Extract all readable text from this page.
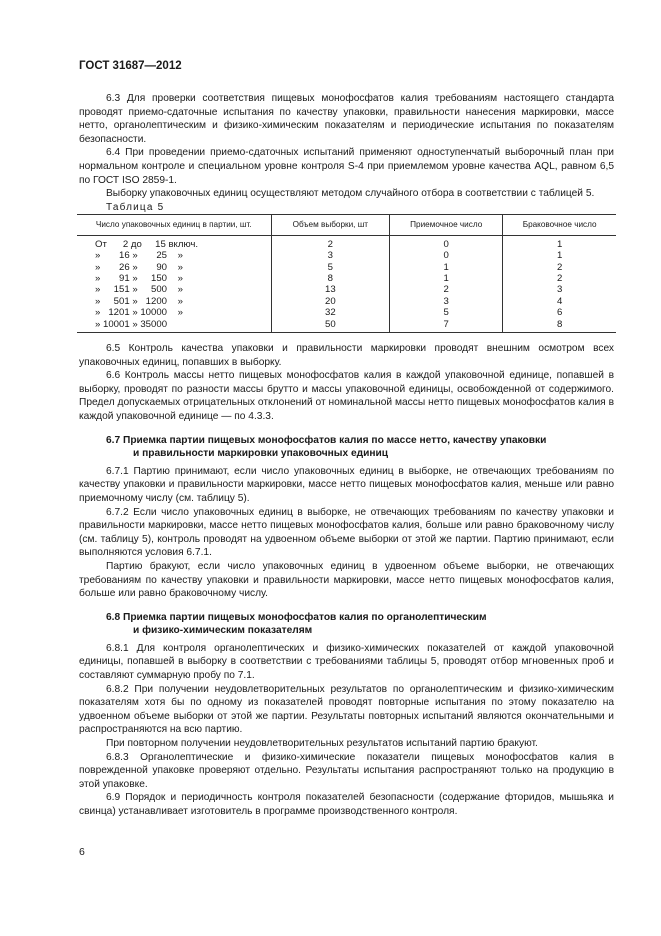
ГОСТ 31687—2012

6.3 Для проверки соответствия пищевых монофосфатов калия требованиям настоящего стандарта проводят приемо-сдаточные испытания по качеству упаковки, правильности нанесения маркировки, массе нетто, органолептическим и физико-химическим показателям и периодические испытания по показателям безопасности.

6.4 При проведении приемо-сдаточных испытаний применяют одноступенчатый выборочный план при нормальном контроле и специальном уровне контроля S-4 при приемлемом уровне качества AQL, равном 6,5 по ГОСТ ISO 2859-1.

Выборку упаковочных единиц осуществляют методом случайного отбора в соответствии с таблицей 5.

Таблица 5

Число упаковочных единиц в партии, шт.	Объем выборки, шт	Приемочное число	Браковочное число
От      2 до     15 включ.	2	0	1
»       16 »       25    »	3	0	1
»       26 »       90    »	5	1	2
»       91 »     150    »	8	1	2
»     151 »     500    »	13	2	3
»     501 »   1200    »	20	3	4
»   1201 » 10000    »	32	5	6
» 10001 » 35000	50	7	8

6.5 Контроль качества упаковки и правильности маркировки проводят внешним осмотром всех упаковочных единиц, попавших в выборку.

6.6 Контроль массы нетто пищевых монофосфатов калия в каждой упаковочной единице, попавшей в выборку, проводят по разности массы брутто и массы упаковочной единицы, освобожденной от содержимого. Предел допускаемых отрицательных отклонений от номинальной массы нетто пищевых монофосфатов калия в каждой упаковочной единице — по 4.3.3.

6.7 Приемка партии пищевых монофосфатов калия по массе нетто, качеству упаковки
и правильности маркировки упаковочных единиц

6.7.1 Партию принимают, если число упаковочных единиц в выборке, не отвечающих требованиям по качеству упаковки и правильности маркировки, массе нетто пищевых монофосфатов калия, меньше или равно приемочному числу (см. таблицу 5).

6.7.2 Если число упаковочных единиц в выборке, не отвечающих требованиям по качеству упаковки и правильности маркировки, массе нетто пищевых монофосфатов калия, больше или равно браковочному числу (см. таблицу 5), контроль проводят на удвоенном объеме выборки от этой же партии. Партию принимают, если выполняются условия 6.7.1.

Партию бракуют, если число упаковочных единиц в удвоенном объеме выборки, не отвечающих требованиям по качеству упаковки и правильности маркировки, массе нетто пищевых монофосфатов калия, больше или равно браковочному числу.

6.8 Приемка партии пищевых монофосфатов калия по органолептическим
и физико-химическим показателям

6.8.1 Для контроля органолептических и физико-химических показателей от каждой упаковочной единицы, попавшей в выборку в соответствии с требованиями таблицы 5, проводят отбор мгновенных проб и составляют суммарную пробу по 7.1.

6.8.2 При получении неудовлетворительных результатов по органолептическим и физико-химическим показателям хотя бы по одному из показателей проводят повторные испытания по этому показателю на удвоенном объеме выборки от этой же партии. Результаты повторных испытаний являются окончательными и распространяются на всю партию.

При повторном получении неудовлетворительных результатов испытаний партию бракуют.

6.8.3 Органолептические и физико-химические показатели пищевых монофосфатов калия в поврежденной упаковке проверяют отдельно. Результаты испытания распространяют только на продукцию в этой упаковке.

6.9 Порядок и периодичность контроля показателей безопасности (содержание фторидов, мышьяка и свинца) устанавливает изготовитель в программе производственного контроля.

6
